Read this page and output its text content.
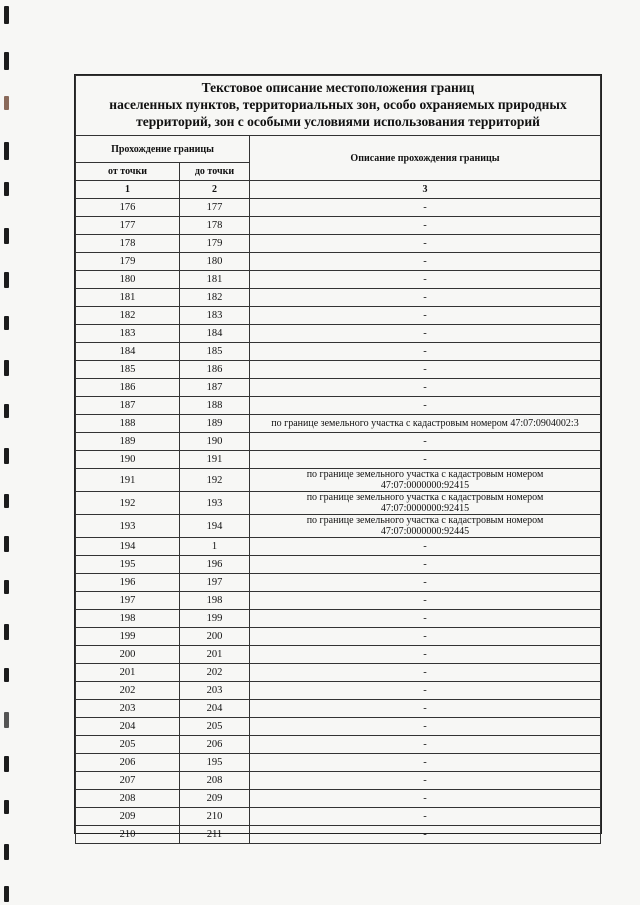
Текстовое описание местоположения границ
населенных пунктов, территориальных зон, особо охраняемых природных
территорий, зон с особыми условиями использования территорий		

Прохождение границы		Описание прохождения границы
от точки	до точки	
1	2	3
176	177	-

177	178	-

178	179	-

179	180	-

180	181	-

181	182	-

182	183	-

183	184	-

184	185	-

185	186	-

186	187	-

187	188	-

188	189	по границе земельного участка с кадастровым номером 47:07:0904002:3

189	190	-

190	191	-

191	192	по границе земельного участка с кадастровым номером
47:07:0000000:92415

192	193	по границе земельного участка с кадастровым номером
47:07:0000000:92415

193	194	по границе земельного участка с кадастровым номером
47:07:0000000:92445

194	1	-

195	196	-

196	197	-

197	198	-

198	199	-

199	200	-

200	201	-

201	202	-

202	203	-

203	204	-

204	205	-

205	206	-

206	195	-

207	208	-

208	209	-

209	210	-

210	211	-
